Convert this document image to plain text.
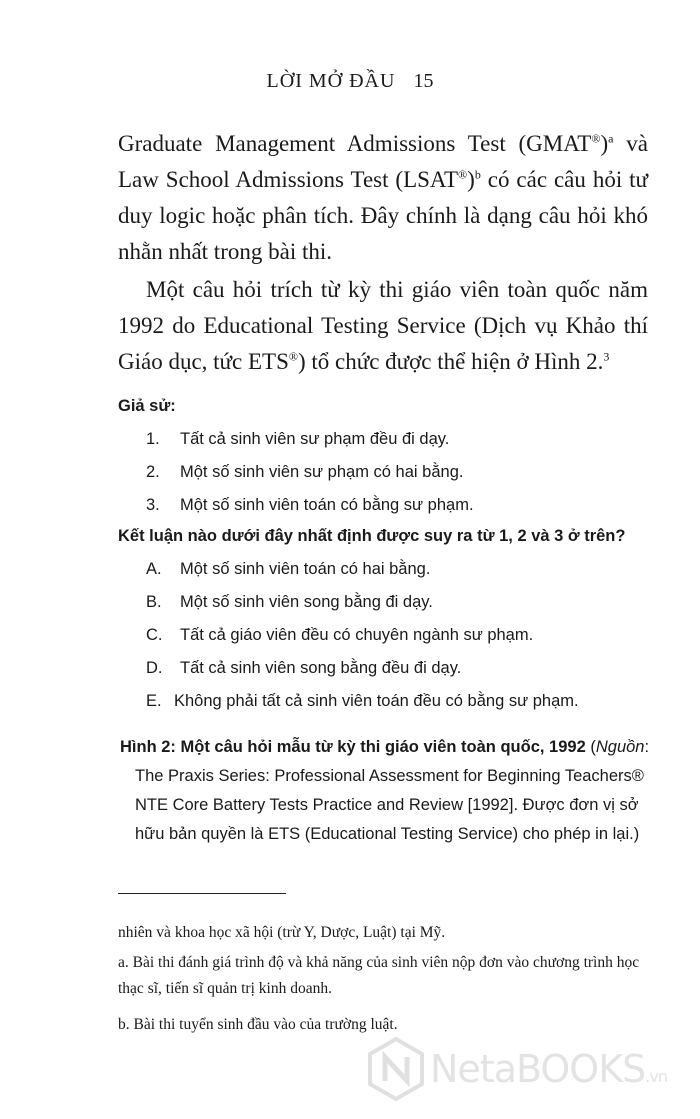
LỜI MỞ ĐẦU 15
Graduate Management Admissions Test (GMAT®)$^a$ và Law School Admissions Test (LSAT®)$^b$ có các câu hỏi tư duy logic hoặc phân tích. Đây chính là dạng câu hỏi khó nhằn nhất trong bài thi.
Một câu hỏi trích từ kỳ thi giáo viên toàn quốc năm 1992 do Educational Testing Service (Dịch vụ Khảo thí Giáo dục, tức ETS®) tổ chức được thể hiện ở Hình 2.$^3$
Giả sử:
1. Tất cả sinh viên sư phạm đều đi dạy.
2. Một số sinh viên sư phạm có hai bằng.
3. Một số sinh viên toán có bằng sư phạm.
Kết luận nào dưới đây nhất định được suy ra từ 1, 2 và 3 ở trên?
A. Một số sinh viên toán có hai bằng.
B. Một số sinh viên song bằng đi dạy.
C. Tất cả giáo viên đều có chuyên ngành sư phạm.
D. Tất cả sinh viên song bằng đều đi dạy.
E. Không phải tất cả sinh viên toán đều có bằng sư phạm.
Hình 2: Một câu hỏi mẫu từ kỳ thi giáo viên toàn quốc, 1992 (Nguồn:
The Praxis Series: Professional Assessment for Beginning Teachers® NTE Core Battery Tests Practice and Review [1992]. Được đơn vị sở hữu bản quyền là ETS (Educational Testing Service) cho phép in lại.)
nhiên và khoa học xã hội (trừ Y, Dược, Luật) tại Mỹ.
a. Bài thi đánh giá trình độ và khả năng của sinh viên nộp đơn vào chương trình học thạc sĩ, tiến sĩ quản trị kinh doanh.
b. Bài thi tuyển sinh đầu vào của trường luật.
NetaBOOKS.vn
